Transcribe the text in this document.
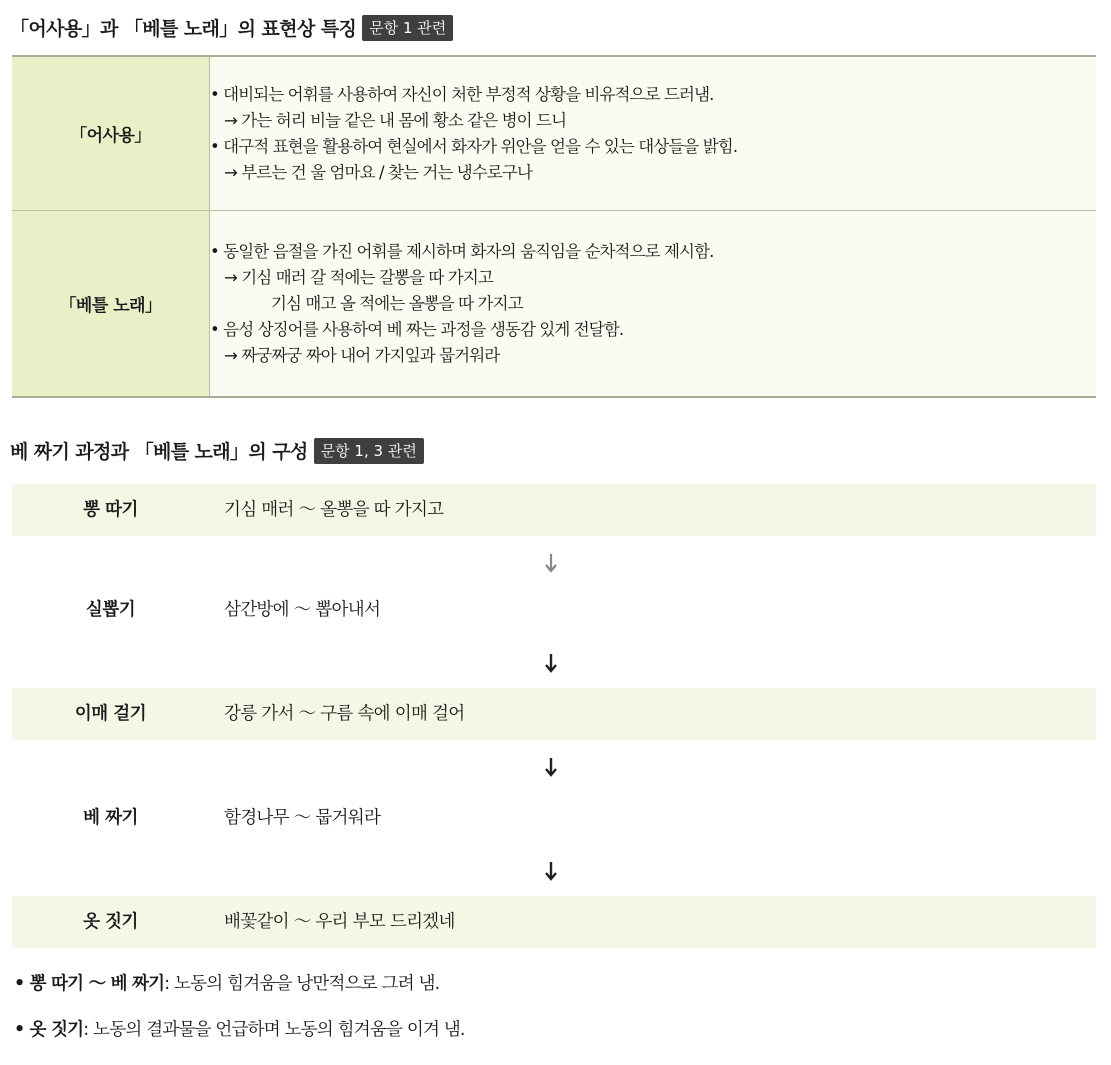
「어사용」과 「베틀 노래」의 표현상 특징 문항 1 관련
「어사용」	• 대비되는 어휘를 사용하여 자신이 처한 부정적 상황을 비유적으로 드러냄.
→ 가는 허리 비늘 같은 내 몸에 황소 같은 병이 드니
• 대구적 표현을 활용하여 현실에서 화자가 위안을 얻을 수 있는 대상들을 밝힘.
→ 부르는 건 울 엄마요 / 찾는 거는 냉수로구나

「베틀 노래」	• 동일한 음절을 가진 어휘를 제시하며 화자의 움직임을 순차적으로 제시함.
→ 기심 매러 갈 적에는 갈뽕을 따 가지고
기심 매고 올 적에는 올뽕을 따 가지고
• 음성 상징어를 사용하여 베 짜는 과정을 생동감 있게 전달함.
→ 짜궁짜궁 짜아 내어 가지잎과 뭅거워라
베 짜기 과정과 「베틀 노래」의 구성 문항 1, 3 관련
뽕 따기	기심 매러 ～ 올뽕을 따 가지고
실뽑기	삼간방에 ～ 뽑아내서
이매 걸기	강릉 가서 ～ 구름 속에 이매 걸어
베 짜기	함경나무 ～ 뭅거워라
옷 짓기	배꽃같이 ～ 우리 부모 드리겠네
• 뽕 따기 ～ 베 짜기: 노동의 힘겨움을 낭만적으로 그려 냄.
• 옷 짓기: 노동의 결과물을 언급하며 노동의 힘겨움을 이겨 냄.
